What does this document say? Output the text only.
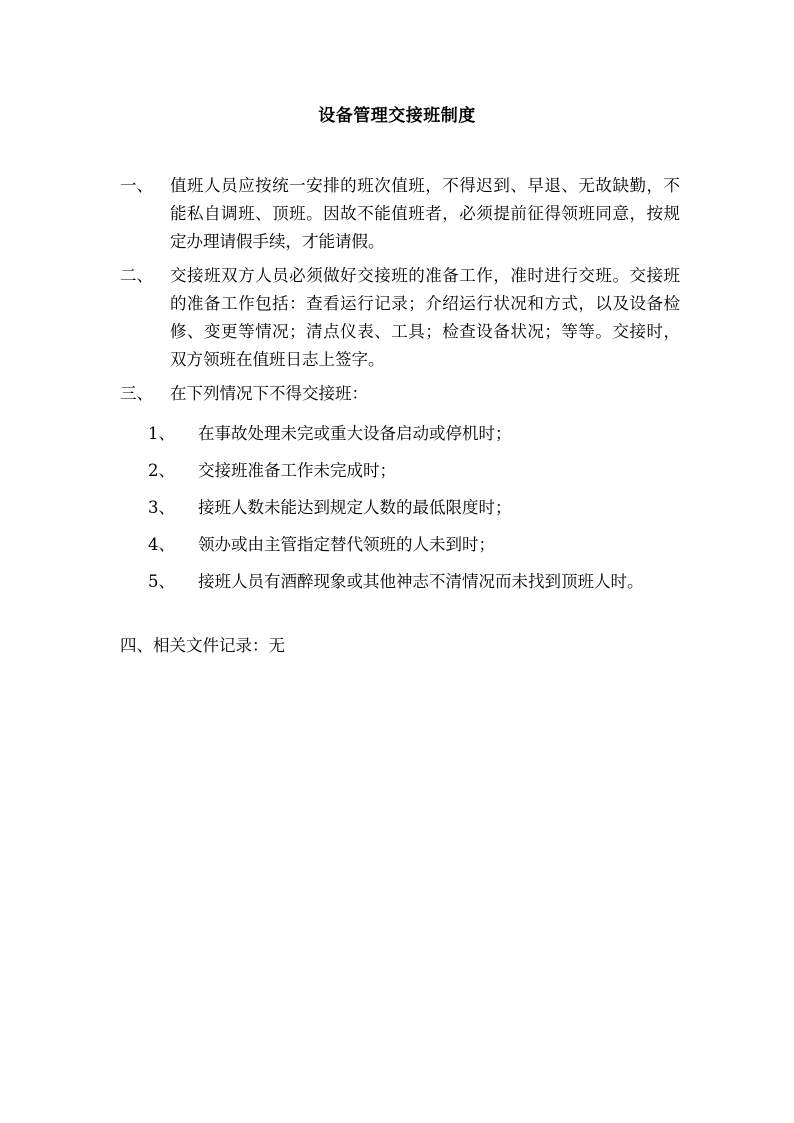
设备管理交接班制度
一、	值班人员应按统一安排的班次值班，不得迟到、早退、无故缺勤，不能私自调班、顶班。因故不能值班者，必须提前征得领班同意，按规定办理请假手续，才能请假。
二、	交接班双方人员必须做好交接班的准备工作，准时进行交班。交接班的准备工作包括：查看运行记录；介绍运行状况和方式，以及设备检修、变更等情况；清点仪表、工具；检查设备状况；等等。交接时，双方领班在值班日志上签字。
三、	在下列情况下不得交接班：
1、	在事故处理未完或重大设备启动或停机时；
2、	交接班准备工作未完成时；
3、	接班人数未能达到规定人数的最低限度时；
4、	领办或由主管指定替代领班的人未到时；
5、	接班人员有酒醉现象或其他神志不清情况而未找到顶班人时。
四、相关文件记录：无
